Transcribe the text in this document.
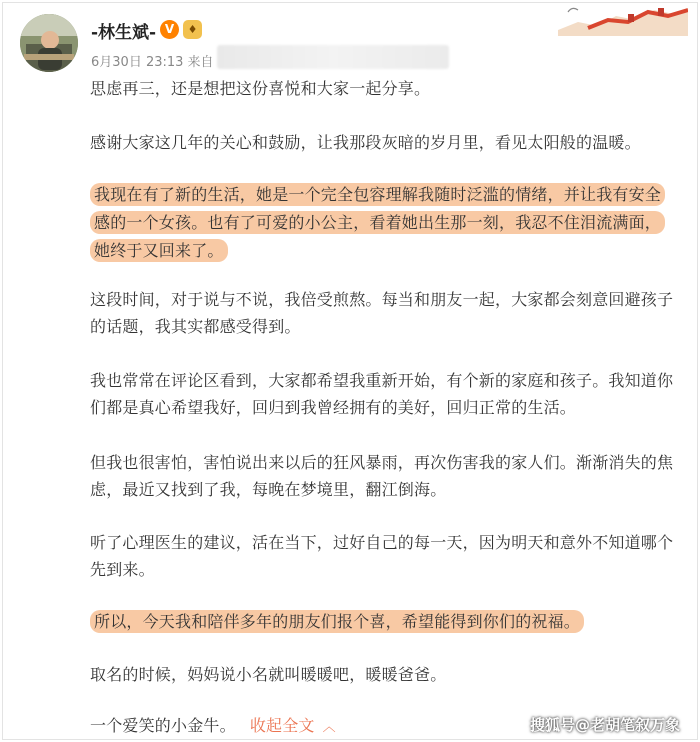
-林生斌- V	♦
6月30日 23:13 来自
思虑再三，还是想把这份喜悦和大家一起分享。
感谢大家这几年的关心和鼓励，让我那段灰暗的岁月里，看见太阳般的温暖。
我现在有了新的生活，她是一个完全包容理解我随时泛滥的情绪，并让我有安全感的一个女孩。也有了可爱的小公主，看着她出生那一刻，我忍不住泪流满面，她终于又回来了。
这段时间，对于说与不说，我倍受煎熬。每当和朋友一起，大家都会刻意回避孩子的话题，我其实都感受得到。
我也常常在评论区看到，大家都希望我重新开始，有个新的家庭和孩子。我知道你们都是真心希望我好，回归到我曾经拥有的美好，回归正常的生活。
但我也很害怕，害怕说出来以后的狂风暴雨，再次伤害我的家人们。渐渐消失的焦虑，最近又找到了我，每晚在梦境里，翻江倒海。
听了心理医生的建议，活在当下，过好自己的每一天，因为明天和意外不知道哪个先到来。
所以，今天我和陪伴多年的朋友们报个喜，希望能得到你们的祝福。
取名的时候，妈妈说小名就叫暖暖吧，暖暖爸爸。
一个爱笑的小金牛。 收起全文 ︿	搜狐号@老胡笔叙万象
